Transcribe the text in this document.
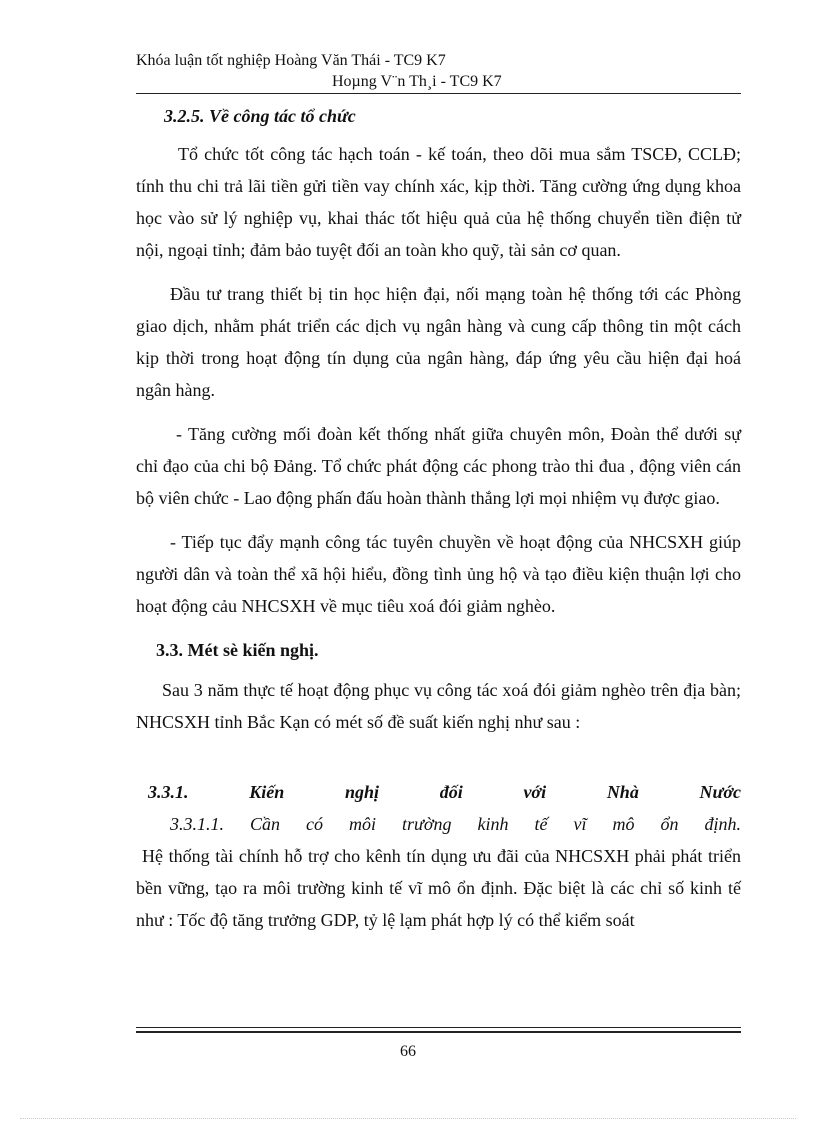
Khóa luận tốt nghiệp Hoàng Văn Thái - TC9 K7
Hoµng V¨n Th¸i - TC9 K7

3.2.5. Về công tác tổ chức

Tổ chức tốt công tác hạch toán - kế toán, theo dõi mua sắm TSCĐ, CCLĐ; tính thu chi trả lãi tiền gửi tiền vay chính xác, kịp thời. Tăng cường ứng dụng khoa học vào sử lý nghiệp vụ, khai thác tốt hiệu quả của hệ thống chuyển tiền điện tử nội, ngoại tỉnh; đảm bảo tuyệt đối an toàn kho quỹ, tài sản cơ quan.

Đầu tư trang thiết bị tin học hiện đại, nối mạng toàn hệ thống tới các Phòng giao dịch, nhằm phát triển các dịch vụ ngân hàng và cung cấp thông tin một cách kịp thời trong hoạt động tín dụng của ngân hàng, đáp ứng yêu cầu hiện đại hoá ngân hàng.

- Tăng cường mối đoàn kết thống nhất giữa chuyên môn, Đoàn thể dưới sự chỉ đạo của chi bộ Đảng. Tổ chức phát động các phong trào thi đua , động viên cán bộ viên chức - Lao động phấn đấu hoàn thành thắng lợi mọi nhiệm vụ được giao.

- Tiếp tục đẩy mạnh công tác tuyên chuyền về hoạt động của NHCSXH giúp người dân và toàn thể xã hội hiểu, đồng tình ủng hộ và tạo điều kiện thuận lợi cho hoạt động cảu NHCSXH về mục tiêu xoá đói giảm nghèo.

3.3. Mét sè kiến nghị.

Sau 3 năm thực tế hoạt động phục vụ công tác xoá đói giảm nghèo trên địa bàn; NHCSXH tỉnh Bắc Kạn có mét số đề suất kiến nghị như sau :

3.3.1.	Kiến	nghị	đối	với	Nhà	Nước
3.3.1.1. Cần có môi trường kinh tế vĩ mô ổn định.

Hệ thống tài chính hỗ trợ cho kênh tín dụng ưu đãi của NHCSXH phải phát triển bền vững, tạo ra môi trường kinh tế vĩ mô ổn định. Đặc biệt là các chỉ số kinh tế như : Tốc độ tăng trưởng GDP, tỷ lệ lạm phát hợp lý có thể kiểm soát

66
